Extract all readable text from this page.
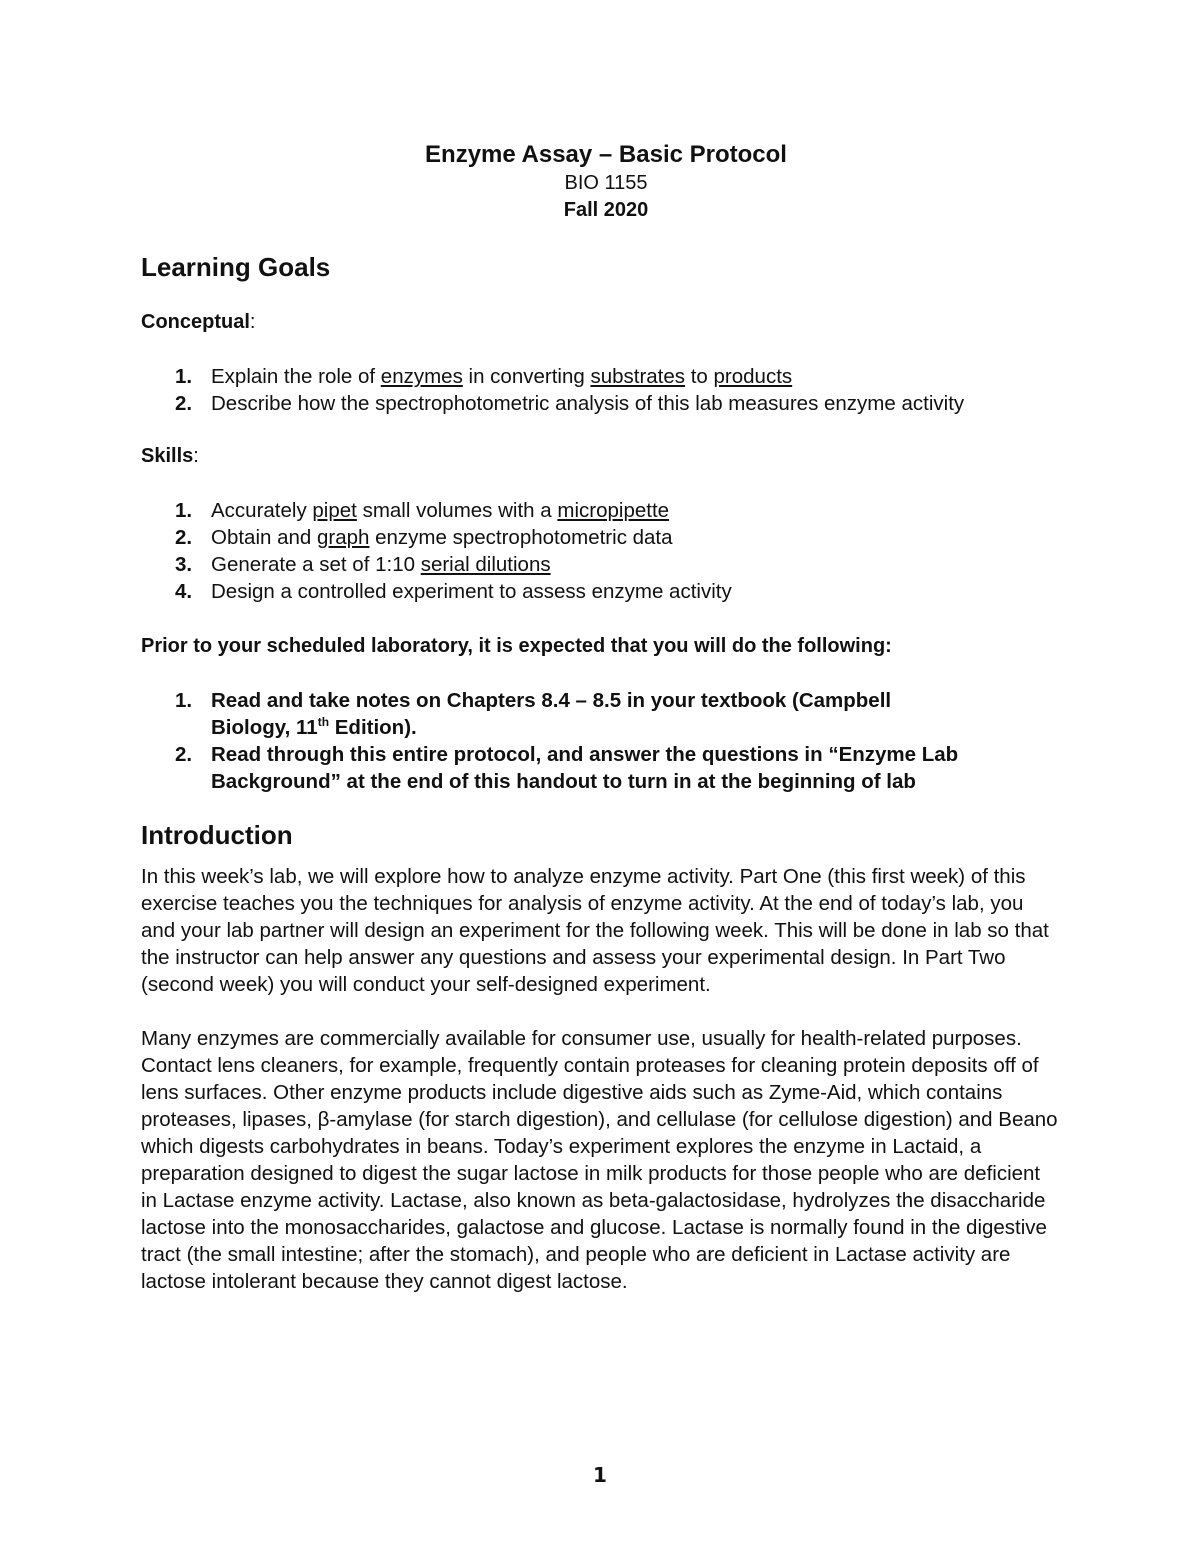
Enzyme Assay – Basic Protocol

BIO 1155

Fall 2020

Learning Goals

Conceptual:

1. Explain the role of enzymes in converting substrates to products
2. Describe how the spectrophotometric analysis of this lab measures enzyme activity

Skills:

1. Accurately pipet small volumes with a micropipette
2. Obtain and graph enzyme spectrophotometric data
3. Generate a set of 1:10 serial dilutions
4. Design a controlled experiment to assess enzyme activity

Prior to your scheduled laboratory, it is expected that you will do the following:

1. Read and take notes on Chapters 8.4 – 8.5 in your textbook (Campbell
Biology, 11th Edition).
2. Read through this entire protocol, and answer the questions in “Enzyme Lab Background” at the end of this handout to turn in at the beginning of lab
Introduction

In this week’s lab, we will explore how to analyze enzyme activity. Part One (this first week) of this exercise teaches you the techniques for analysis of enzyme activity. At the end of today’s lab, you and your lab partner will design an experiment for the following week. This will be done in lab so that the instructor can help answer any questions and assess your experimental design. In Part Two (second week) you will conduct your self-designed experiment.

Many enzymes are commercially available for consumer use, usually for health-related purposes. Contact lens cleaners, for example, frequently contain proteases for cleaning protein deposits off of lens surfaces. Other enzyme products include digestive aids such as Zyme-Aid, which contains proteases, lipases, β-amylase (for starch digestion), and cellulase (for cellulose digestion) and Beano which digests carbohydrates in beans. Today’s experiment explores the enzyme in Lactaid, a preparation designed to digest the sugar lactose in milk products for those people who are deficient in Lactase enzyme activity. Lactase, also known as beta-galactosidase, hydrolyzes the disaccharide lactose into the monosaccharides, galactose and glucose. Lactase is normally found in the digestive tract (the small intestine; after the stomach), and people who are deficient in Lactase activity are lactose intolerant because they cannot digest lactose.

1
